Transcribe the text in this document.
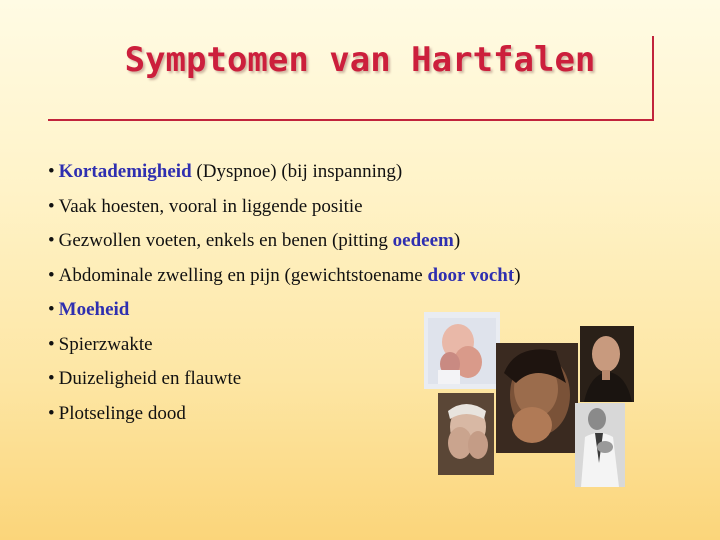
Symptomen van Hartfalen
• Kortademigheid (Dyspnoe) (bij inspanning)
• Vaak hoesten, vooral in liggende positie
• Gezwollen voeten, enkels en benen (pitting oedeem)
• Abdominale zwelling en pijn (gewichtstoename door vocht)
• Moeheid
• Spierzwakte
• Duizeligheid en flauwte
• Plotselinge dood
